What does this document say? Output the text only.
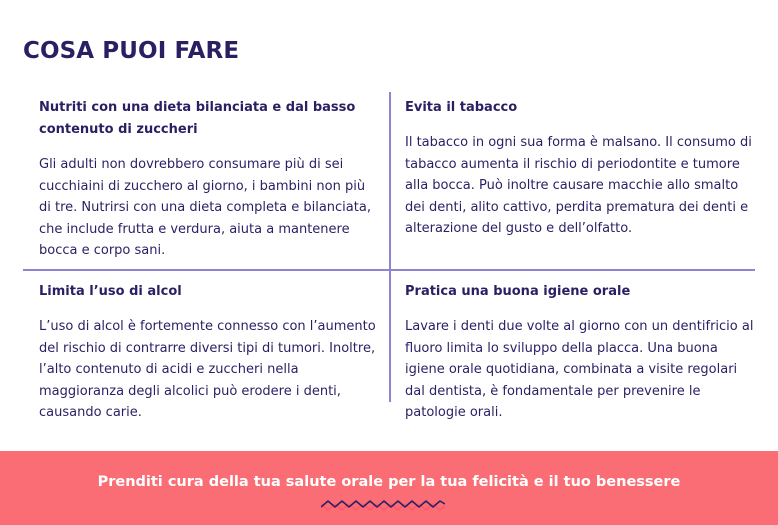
COSA PUOI FARE
Nutriti con una dieta bilanciata e dal basso contenuto di zuccheri

Gli adulti non dovrebbero consumare più di sei cucchiaini di zucchero al giorno, i bambini non più di tre. Nutrirsi con una dieta completa e bilanciata, che include frutta e verdura, aiuta a mantenere bocca e corpo sani.

Evita il tabacco

Il tabacco in ogni sua forma è malsano. Il consumo di tabacco aumenta il rischio di periodontite e tumore alla bocca. Può inoltre causare macchie allo smalto dei denti, alito cattivo, perdita prematura dei denti e alterazione del gusto e dell’olfatto.

Limita l’uso di alcol

L’uso di alcol è fortemente connesso con l’aumento del rischio di contrarre diversi tipi di tumori. Inoltre, l’alto contenuto di acidi e zuccheri nella maggioranza degli alcolici può erodere i denti, causando carie.

Pratica una buona igiene orale

Lavare i denti due volte al giorno con un dentifricio al fluoro limita lo sviluppo della placca. Una buona igiene orale quotidiana, combinata a visite regolari dal dentista, è fondamentale per prevenire le patologie orali.

Prenditi cura della tua salute orale per la tua felicità e il tuo benessere
